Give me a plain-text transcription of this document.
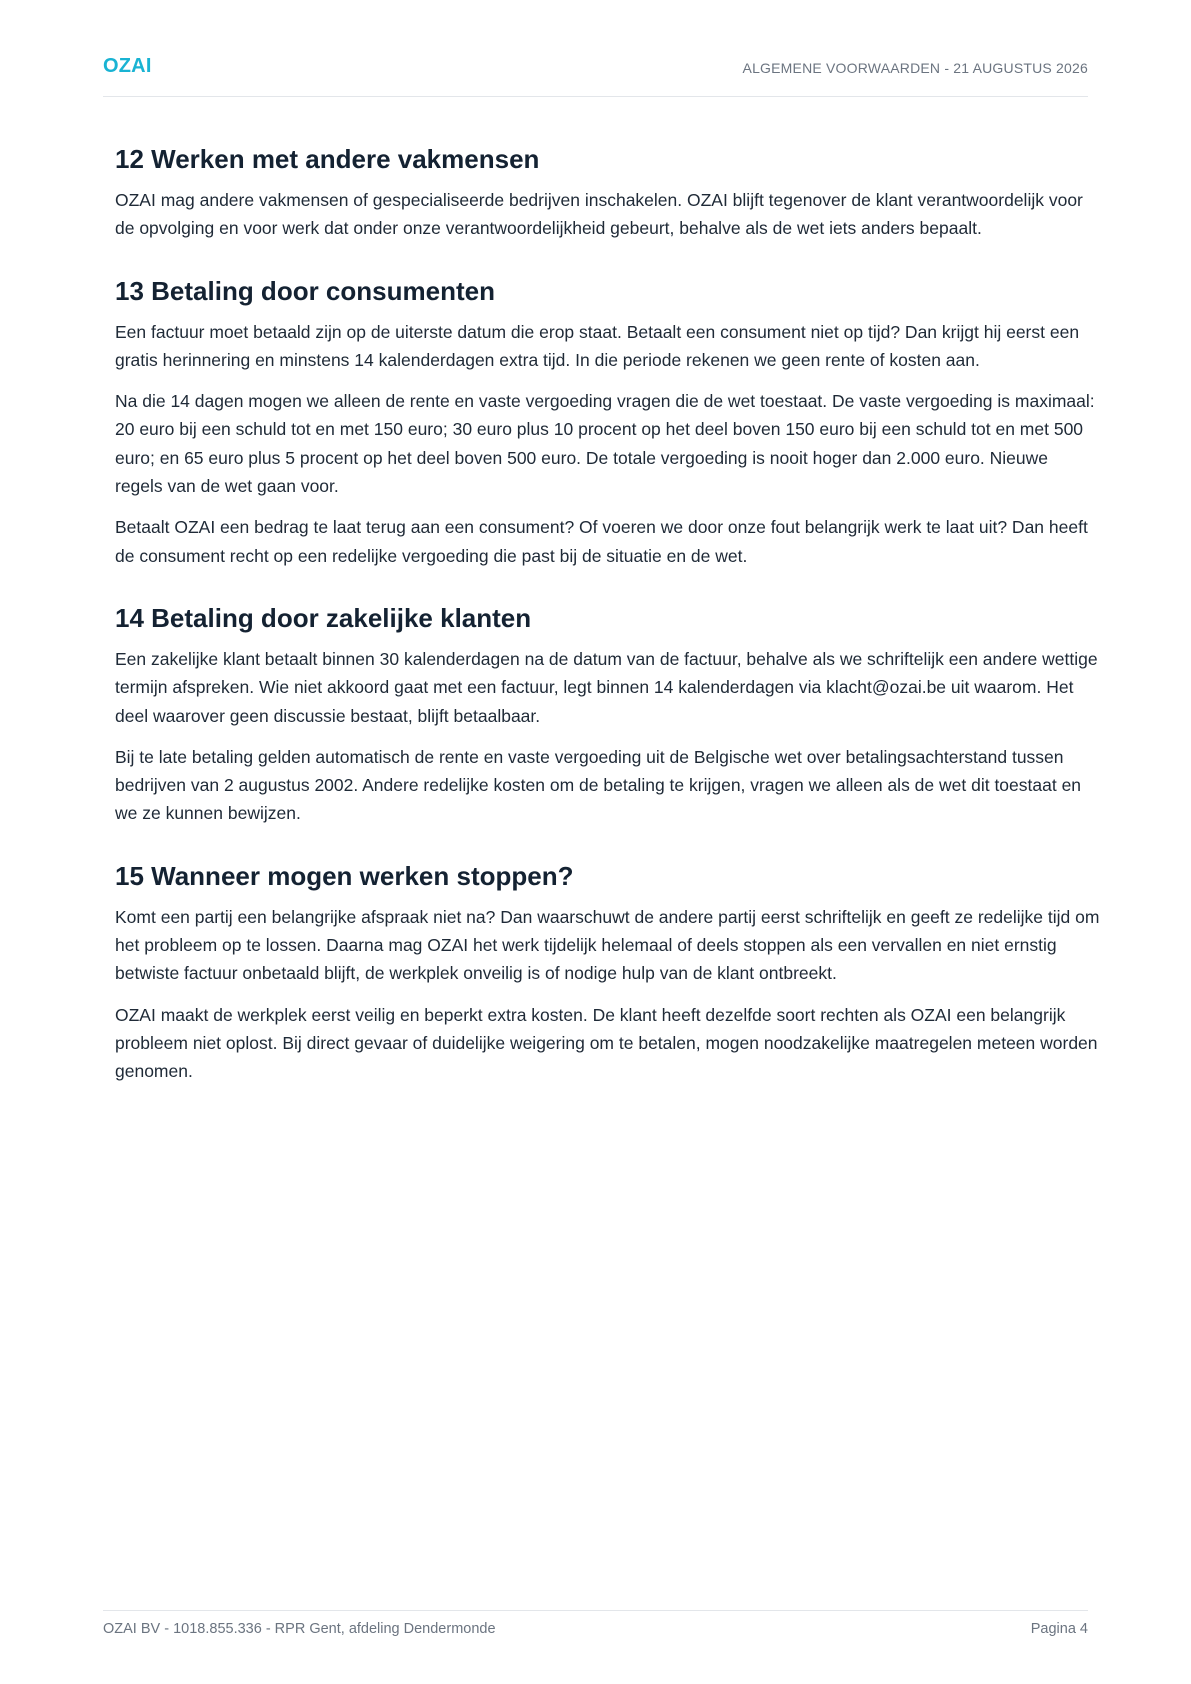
OZAI	ALGEMENE VOORWAARDEN - 21 AUGUSTUS 2026
12 Werken met andere vakmensen

OZAI mag andere vakmensen of gespecialiseerde bedrijven inschakelen. OZAI blijft tegenover de klant verantwoordelijk voor de opvolging en voor werk dat onder onze verantwoordelijkheid gebeurt, behalve als de wet iets anders bepaalt.

13 Betaling door consumenten

Een factuur moet betaald zijn op de uiterste datum die erop staat. Betaalt een consument niet op tijd? Dan krijgt hij eerst een gratis herinnering en minstens 14 kalenderdagen extra tijd. In die periode rekenen we geen rente of kosten aan.

Na die 14 dagen mogen we alleen de rente en vaste vergoeding vragen die de wet toestaat. De vaste vergoeding is maximaal: 20 euro bij een schuld tot en met 150 euro; 30 euro plus 10 procent op het deel boven 150 euro bij een schuld tot en met 500 euro; en 65 euro plus 5 procent op het deel boven 500 euro. De totale vergoeding is nooit hoger dan 2.000 euro. Nieuwe regels van de wet gaan voor.

Betaalt OZAI een bedrag te laat terug aan een consument? Of voeren we door onze fout belangrijk werk te laat uit? Dan heeft de consument recht op een redelijke vergoeding die past bij de situatie en de wet.

14 Betaling door zakelijke klanten

Een zakelijke klant betaalt binnen 30 kalenderdagen na de datum van de factuur, behalve als we schriftelijk een andere wettige termijn afspreken. Wie niet akkoord gaat met een factuur, legt binnen 14 kalenderdagen via klacht@ozai.be uit waarom. Het deel waarover geen discussie bestaat, blijft betaalbaar.

Bij te late betaling gelden automatisch de rente en vaste vergoeding uit de Belgische wet over betalingsachterstand tussen bedrijven van 2 augustus 2002. Andere redelijke kosten om de betaling te krijgen, vragen we alleen als de wet dit toestaat en we ze kunnen bewijzen.

15 Wanneer mogen werken stoppen?

Komt een partij een belangrijke afspraak niet na? Dan waarschuwt de andere partij eerst schriftelijk en geeft ze redelijke tijd om het probleem op te lossen. Daarna mag OZAI het werk tijdelijk helemaal of deels stoppen als een vervallen en niet ernstig betwiste factuur onbetaald blijft, de werkplek onveilig is of nodige hulp van de klant ontbreekt.

OZAI maakt de werkplek eerst veilig en beperkt extra kosten. De klant heeft dezelfde soort rechten als OZAI een belangrijk probleem niet oplost. Bij direct gevaar of duidelijke weigering om te betalen, mogen noodzakelijke maatregelen meteen worden genomen.

OZAI BV - 1018.855.336 - RPR Gent, afdeling Dendermonde	Pagina 4
